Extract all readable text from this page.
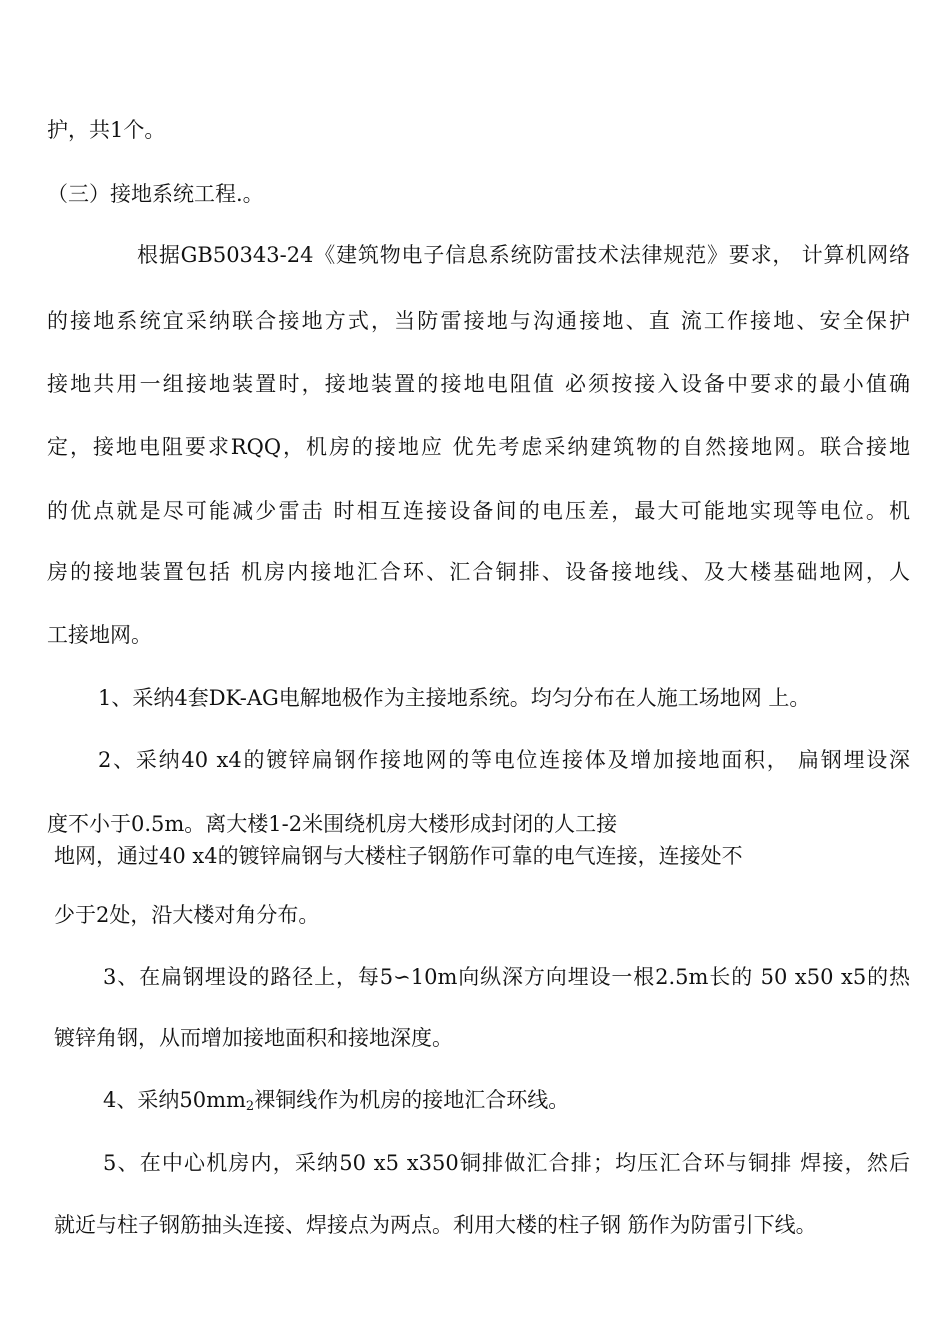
护，共1个。
（三）接地系统工程.。
根据GB50343-24《建筑物电子信息系统防雷技术法律规范》要求， 计算机网络
的接地系统宜采纳联合接地方式，当防雷接地与沟通接地、直 流工作接地、安全保护
接地共用一组接地装置时，接地装置的接地电阻值 必须按接入设备中要求的最小值确
定，接地电阻要求RQQ，机房的接地应 优先考虑采纳建筑物的自然接地网。联合接地
的优点就是尽可能减少雷击 时相互连接设备间的电压差，最大可能地实现等电位。机
房的接地装置包括 机房内接地汇合环、汇合铜排、设备接地线、及大楼基础地网，人
工接地网。
1、采纳4套DK-AG电解地极作为主接地系统。均匀分布在人施工场地网 上。
2、采纳40 x4的镀锌扁钢作接地网的等电位连接体及增加接地面积， 扁钢埋设深
度不小于0.5m。离大楼1-2米围绕机房大楼形成封闭的人工接
地网，通过40 x4的镀锌扁钢与大楼柱子钢筋作可靠的电气连接，连接处不
少于2处，沿大楼对角分布。
3、在扁钢埋设的路径上，每5∽10m向纵深方向埋设一根2.5m长的 50 x50 x5的热
镀锌角钢，从而增加接地面积和接地深度。
4、采纳$50mm_2$裸铜线作为机房的接地汇合环线。
5、在中心机房内，采纳50 x5 x350铜排做汇合排；均压汇合环与铜排 焊接，然后
就近与柱子钢筋抽头连接、焊接点为两点。利用大楼的柱子钢 筋作为防雷引下线。
